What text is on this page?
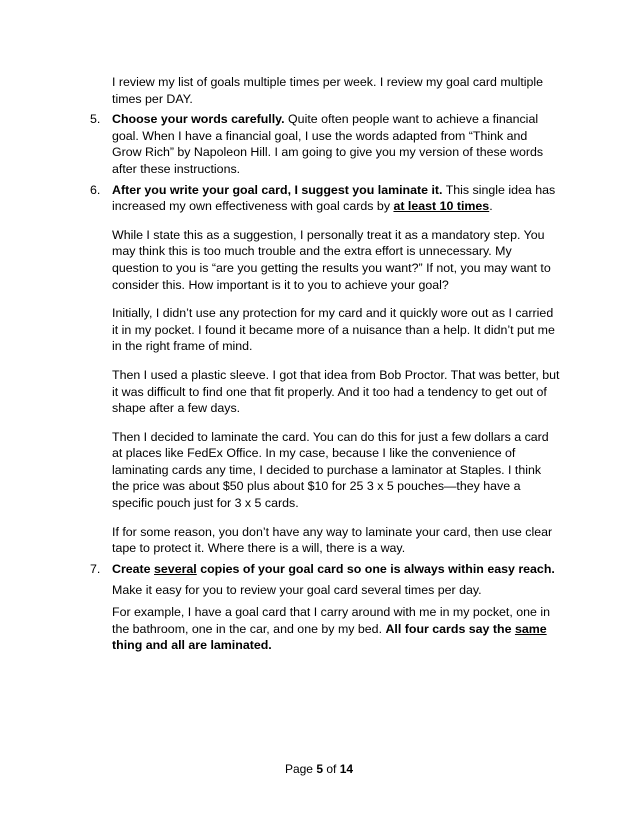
I review my list of goals multiple times per week. I review my goal card multiple times per DAY.

5. Choose your words carefully. Quite often people want to achieve a financial goal. When I have a financial goal, I use the words adapted from “Think and Grow Rich” by Napoleon Hill. I am going to give you my version of these words after these instructions.

6. After you write your goal card, I suggest you laminate it. This single idea has increased my own effectiveness with goal cards by at least 10 times.

While I state this as a suggestion, I personally treat it as a mandatory step. You may think this is too much trouble and the extra effort is unnecessary. My question to you is “are you getting the results you want?” If not, you may want to consider this. How important is it to you to achieve your goal?

Initially, I didn’t use any protection for my card and it quickly wore out as I carried it in my pocket. I found it became more of a nuisance than a help. It didn’t put me in the right frame of mind.

Then I used a plastic sleeve. I got that idea from Bob Proctor. That was better, but it was difficult to find one that fit properly. And it too had a tendency to get out of shape after a few days.

Then I decided to laminate the card. You can do this for just a few dollars a card at places like FedEx Office. In my case, because I like the convenience of laminating cards any time, I decided to purchase a laminator at Staples. I think the price was about $50 plus about $10 for 25 3 x 5 pouches—they have a specific pouch just for 3 x 5 cards.

If for some reason, you don’t have any way to laminate your card, then use clear tape to protect it. Where there is a will, there is a way.

7. Create several copies of your goal card so one is always within easy reach.

Make it easy for you to review your goal card several times per day.

For example, I have a goal card that I carry around with me in my pocket, one in the bathroom, one in the car, and one by my bed. All four cards say the same thing and all are laminated.

Page 5 of 14
